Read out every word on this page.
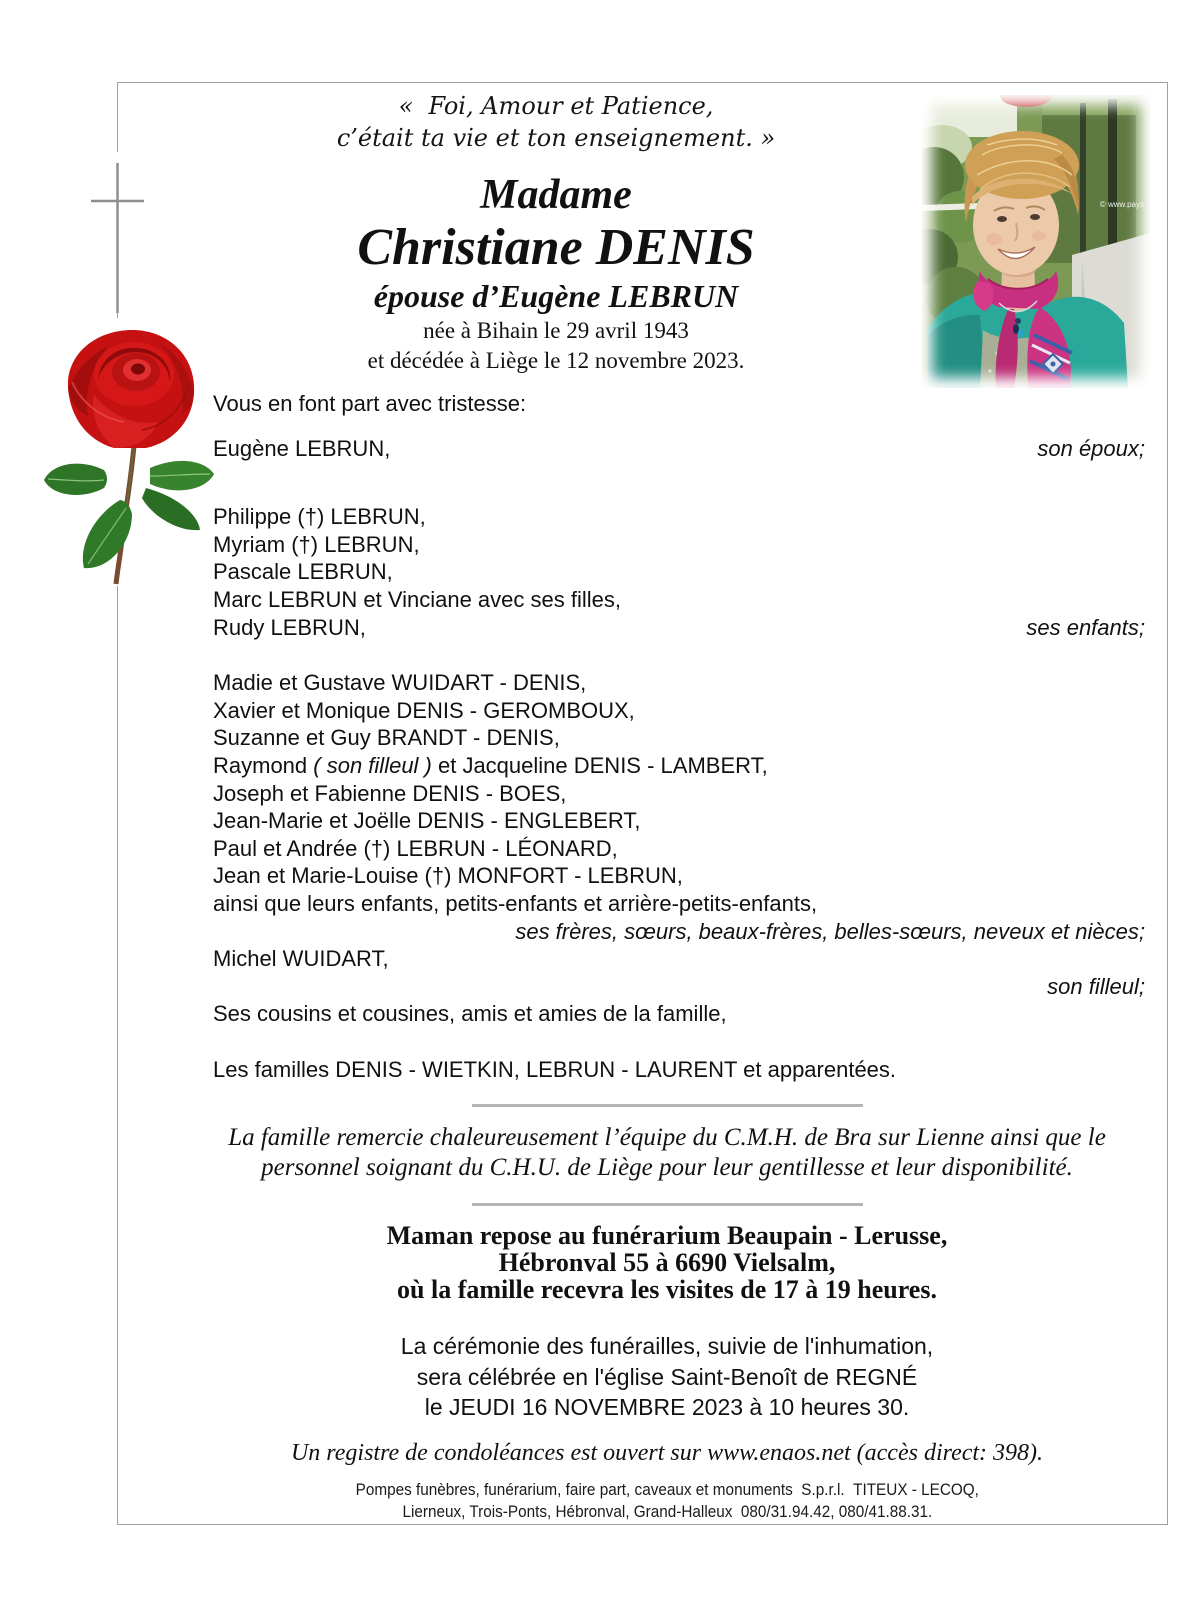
© www.pays
«  Foi, Amour et Patience,
c’était ta vie et ton enseignement. »
Madame
Christiane DENIS
épouse d’Eugène LEBRUN
née à Bihain le 29 avril 1943
et décédée à Liège le 12 novembre 2023.
Vous en font part avec tristesse:
Eugène LEBRUN,	son époux;
Philippe (†) LEBRUN,
Myriam (†) LEBRUN,
Pascale LEBRUN,
Marc LEBRUN et Vinciane avec ses filles,
Rudy LEBRUN,	ses enfants;
Madie et Gustave WUIDART - DENIS,
Xavier et Monique DENIS - GEROMBOUX,
Suzanne et Guy BRANDT - DENIS,
Raymond ( son filleul ) et Jacqueline DENIS - LAMBERT,
Joseph et Fabienne DENIS - BOES,
Jean-Marie et Joëlle DENIS - ENGLEBERT,
Paul et Andrée (†) LEBRUN - LÉONARD,
Jean et Marie-Louise (†) MONFORT - LEBRUN,
ainsi que leurs enfants, petits-enfants et arrière-petits-enfants,
ses frères, sœurs, beaux-frères, belles-sœurs, neveux et nièces;
Michel WUIDART,
son filleul;
Ses cousins et cousines, amis et amies de la famille,
Les familles DENIS - WIETKIN, LEBRUN - LAURENT et apparentées.
La famille remercie chaleureusement l’équipe du C.M.H. de Bra sur Lienne ainsi que le
personnel soignant du C.H.U. de Liège pour leur gentillesse et leur disponibilité.
Maman repose au funérarium Beaupain - Lerusse,
Hébronval 55 à 6690 Vielsalm,
où la famille recevra les visites de 17 à 19 heures.
La cérémonie des funérailles, suivie de l'inhumation,
sera célébrée en l'église Saint-Benoît de REGNÉ
le JEUDI 16 NOVEMBRE 2023 à 10 heures 30.
Un registre de condoléances est ouvert sur www.enaos.net (accès direct: 398).
Pompes funèbres, funérarium, faire part, caveaux et monuments  S.p.r.l.  TITEUX - LECOQ,
Lierneux, Trois-Ponts, Hébronval, Grand-Halleux  080/31.94.42, 080/41.88.31.
